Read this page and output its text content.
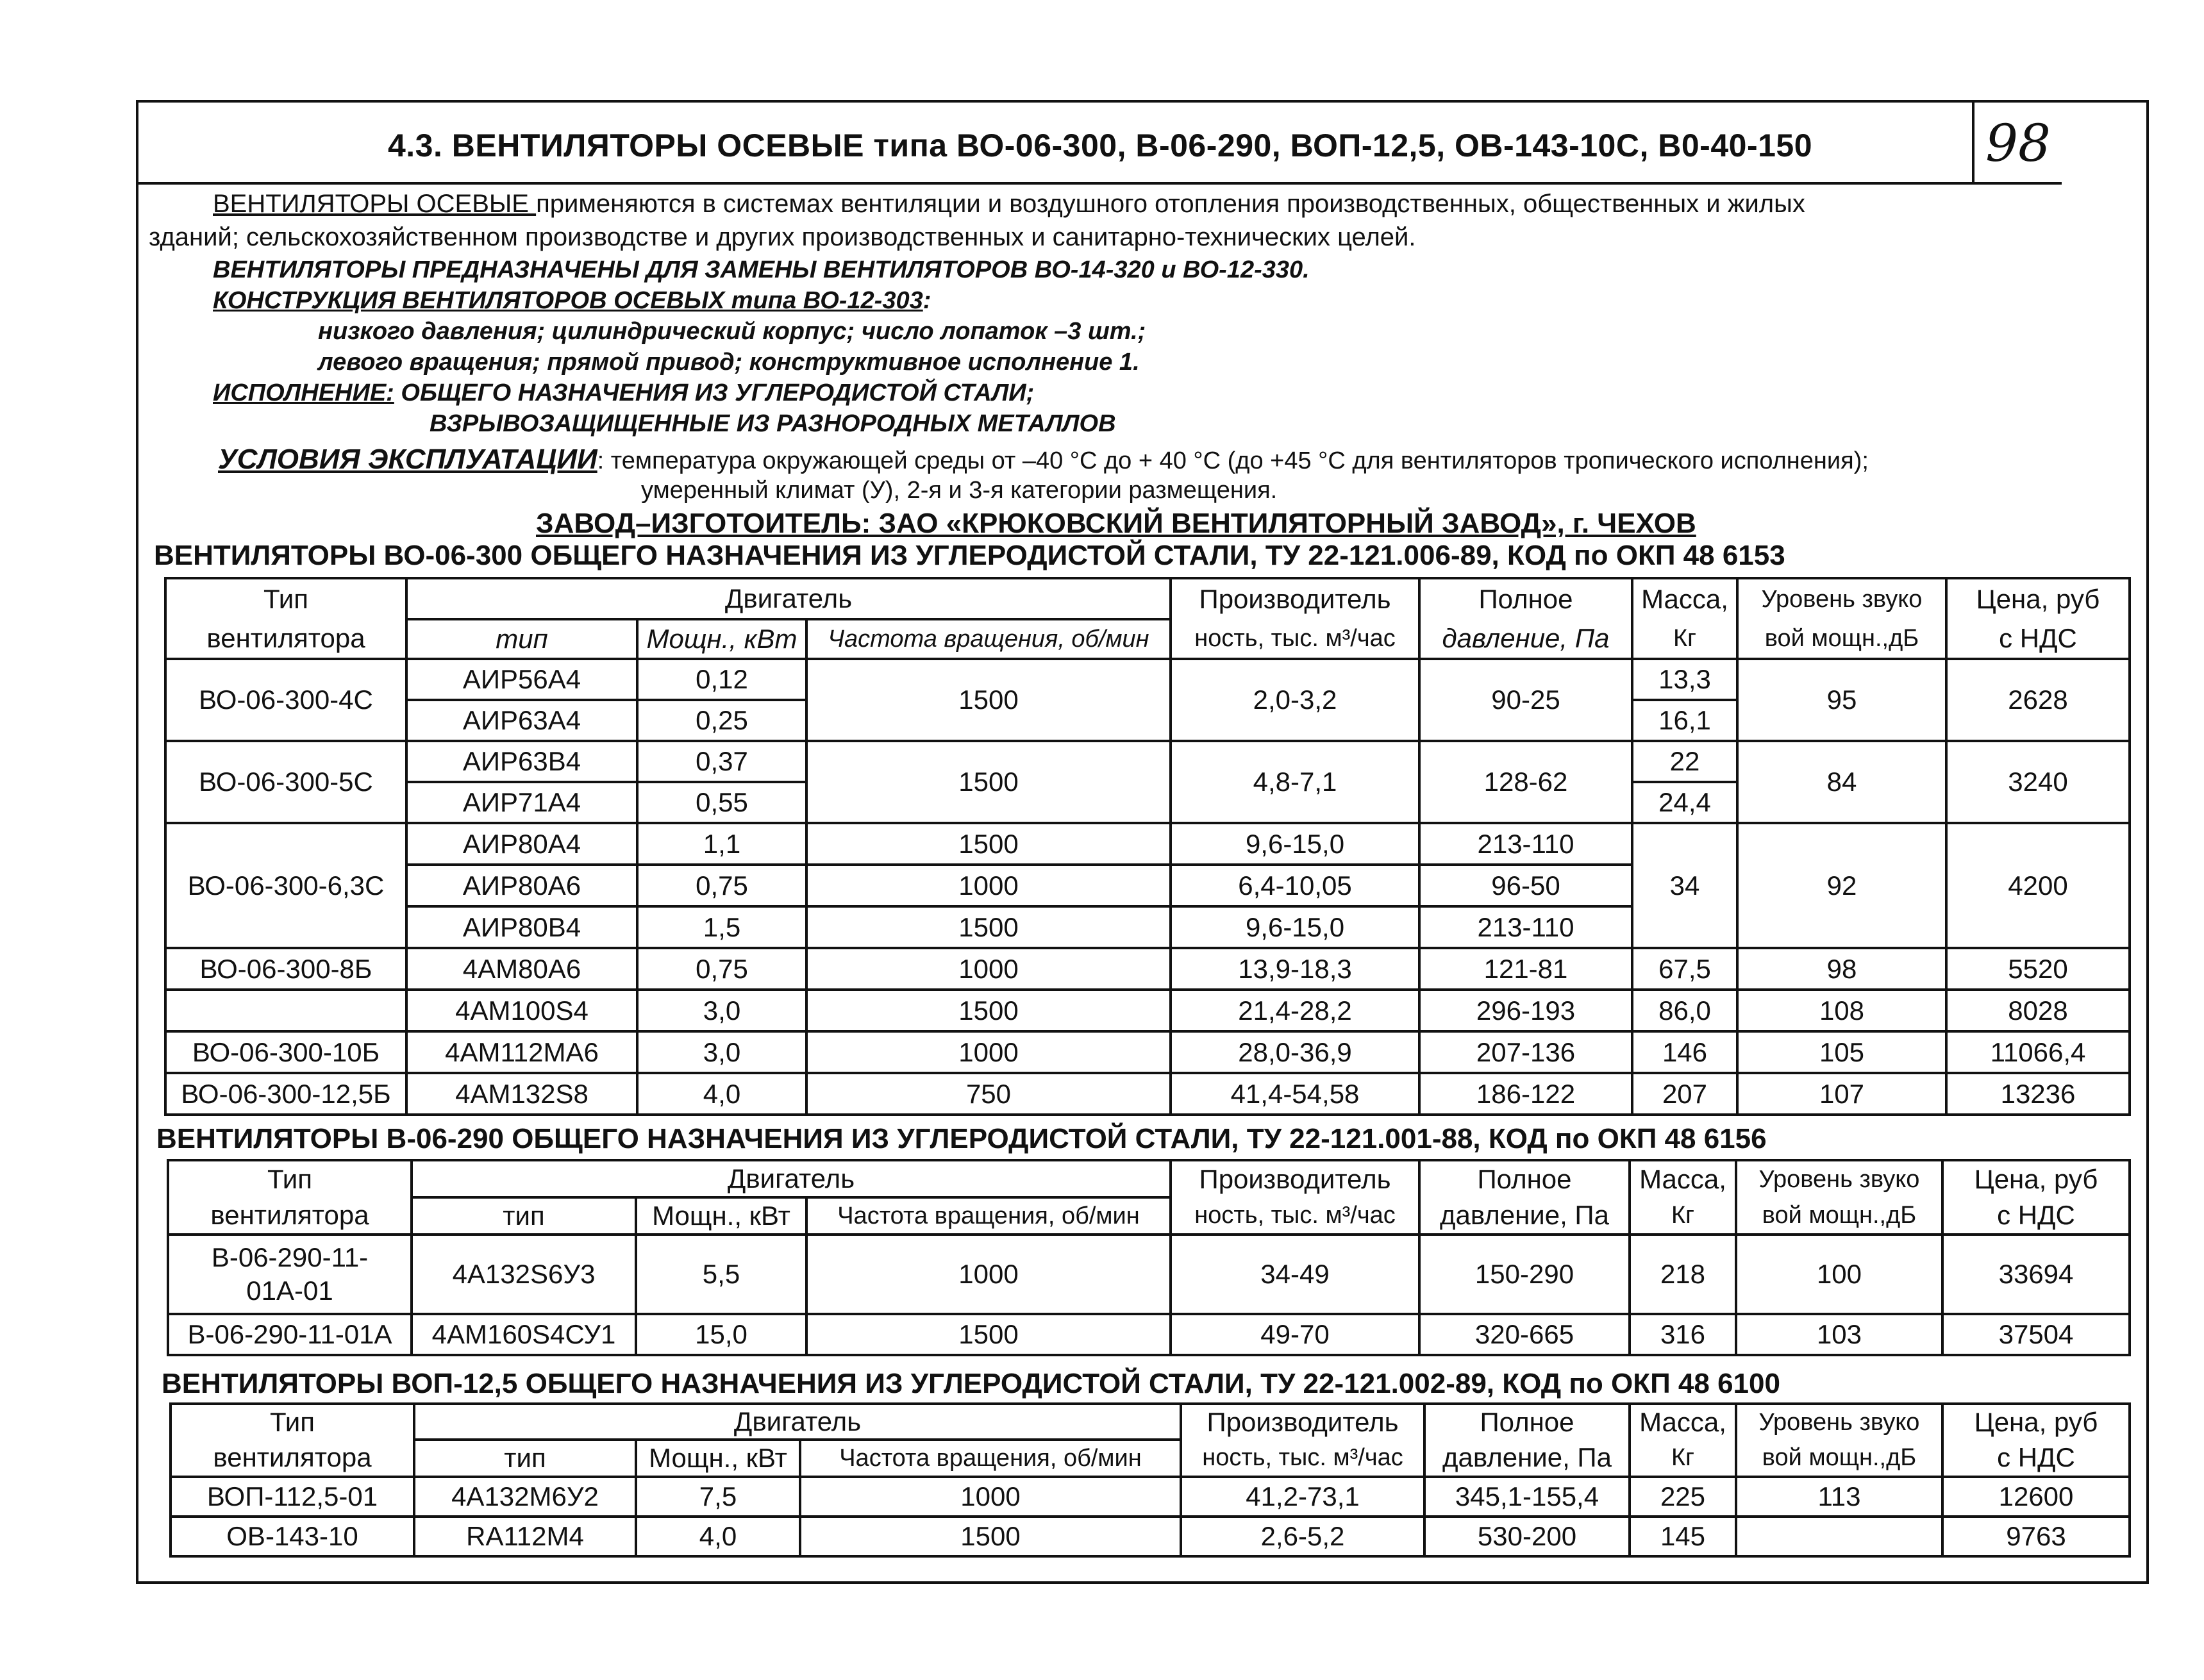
4.3. ВЕНТИЛЯТОРЫ ОСЕВЫЕ типа ВО-06-300, В-06-290, ВОП-12,5, ОВ-143-10С, В0-40-150	98
ВЕНТИЛЯТОРЫ ОСЕВЫЕ применяются в системах вентиляции и воздушного отопления производственных, общественных и жилых
зданий; сельскохозяйственном производстве и других производственных и санитарно-технических целей.
ВЕНТИЛЯТОРЫ ПРЕДНАЗНАЧЕНЫ ДЛЯ ЗАМЕНЫ ВЕНТИЛЯТОРОВ ВО-14-320 и ВО-12-330.
КОНСТРУКЦИЯ ВЕНТИЛЯТОРОВ ОСЕВЫХ типа ВО-12-303:
низкого давления; цилиндрический корпус; число лопаток –3 шт.;
левого вращения; прямой привод; конструктивное исполнение 1.
ИСПОЛНЕНИЕ: ОБЩЕГО НАЗНАЧЕНИЯ ИЗ УГЛЕРОДИСТОЙ СТАЛИ;
ВЗРЫВОЗАЩИЩЕННЫЕ ИЗ РАЗНОРОДНЫХ МЕТАЛЛОВ
УСЛОВИЯ ЭКСПЛУАТАЦИИ: температура окружающей среды от –40 °С до + 40 °С (до +45 °С для вентиляторов тропического исполнения);
умеренный климат (У), 2-я и 3-я категории размещения.
ЗАВОД–ИЗГОТОИТЕЛЬ: ЗАО «КРЮКОВСКИЙ ВЕНТИЛЯТОРНЫЙ ЗАВОД», г. ЧЕХОВ
ВЕНТИЛЯТОРЫ ВО-06-300 ОБЩЕГО НАЗНАЧЕНИЯ ИЗ УГЛЕРОДИСТОЙ СТАЛИ, ТУ 22-121.006-89, КОД по ОКП 48 6153
Тип	Двигатель			Производитель	Полное	Масса,	Уровень звуко	Цена, руб
вентилятора	тип	Мощн., кВт	Частота вращения, об/мин	ность, тыс. м³/час	давление, Па	Кг	вой мощн.,дБ	с НДС
ВО-06-300-4С	АИР56А4	0,12	1500	2,0-3,2	90-25	13,3	95	2628
	АИР63А4	0,25				16,1		
ВО-06-300-5С	АИР63В4	0,37	1500	4,8-7,1	128-62	22	84	3240
	АИР71А4	0,55				24,4		
ВО-06-300-6,3С	АИР80А4	1,1	1500	9,6-15,0	213-110	34	92	4200
	АИР80А6	0,75	1000	6,4-10,05	96-50			
	АИР80В4	1,5	1500	9,6-15,0	213-110			
ВО-06-300-8Б	4АМ80А6	0,75	1000	13,9-18,3	121-81	67,5	98	5520
	4АМ100S4	3,0	1500	21,4-28,2	296-193	86,0	108	8028
ВО-06-300-10Б	4АМ112МА6	3,0	1000	28,0-36,9	207-136	146	105	11066,4
ВО-06-300-12,5Б	4АМ132S8	4,0	750	41,4-54,58	186-122	207	107	13236
ВЕНТИЛЯТОРЫ В-06-290 ОБЩЕГО НАЗНАЧЕНИЯ ИЗ УГЛЕРОДИСТОЙ СТАЛИ, ТУ 22-121.001-88, КОД по ОКП 48 6156
Тип	Двигатель			Производитель	Полное	Масса,	Уровень звуко	Цена, руб
вентилятора	тип	Мощн., кВт	Частота вращения, об/мин	ность, тыс. м³/час	давление, Па	Кг	вой мощн.,дБ	с НДС

В-06-290-11-
01А-01	4А132S6У3	5,5	1000	34-49	150-290	218	100	33694
В-06-290-11-01А	4АМ160S4СУ1	15,0	1500	49-70	320-665	316	103	37504
ВЕНТИЛЯТОРЫ ВОП-12,5 ОБЩЕГО НАЗНАЧЕНИЯ ИЗ УГЛЕРОДИСТОЙ СТАЛИ, ТУ 22-121.002-89, КОД по ОКП 48 6100
Тип	Двигатель			Производитель	Полное	Масса,	Уровень звуко	Цена, руб
вентилятора	тип	Мощн., кВт	Частота вращения, об/мин	ность, тыс. м³/час	давление, Па	Кг	вой мощн.,дБ	с НДС
ВОП-112,5-01	4А132М6У2	7,5	1000	41,2-73,1	345,1-155,4	225	113	12600
ОВ-143-10	RA112M4	4,0	1500	2,6-5,2	530-200	145		9763
